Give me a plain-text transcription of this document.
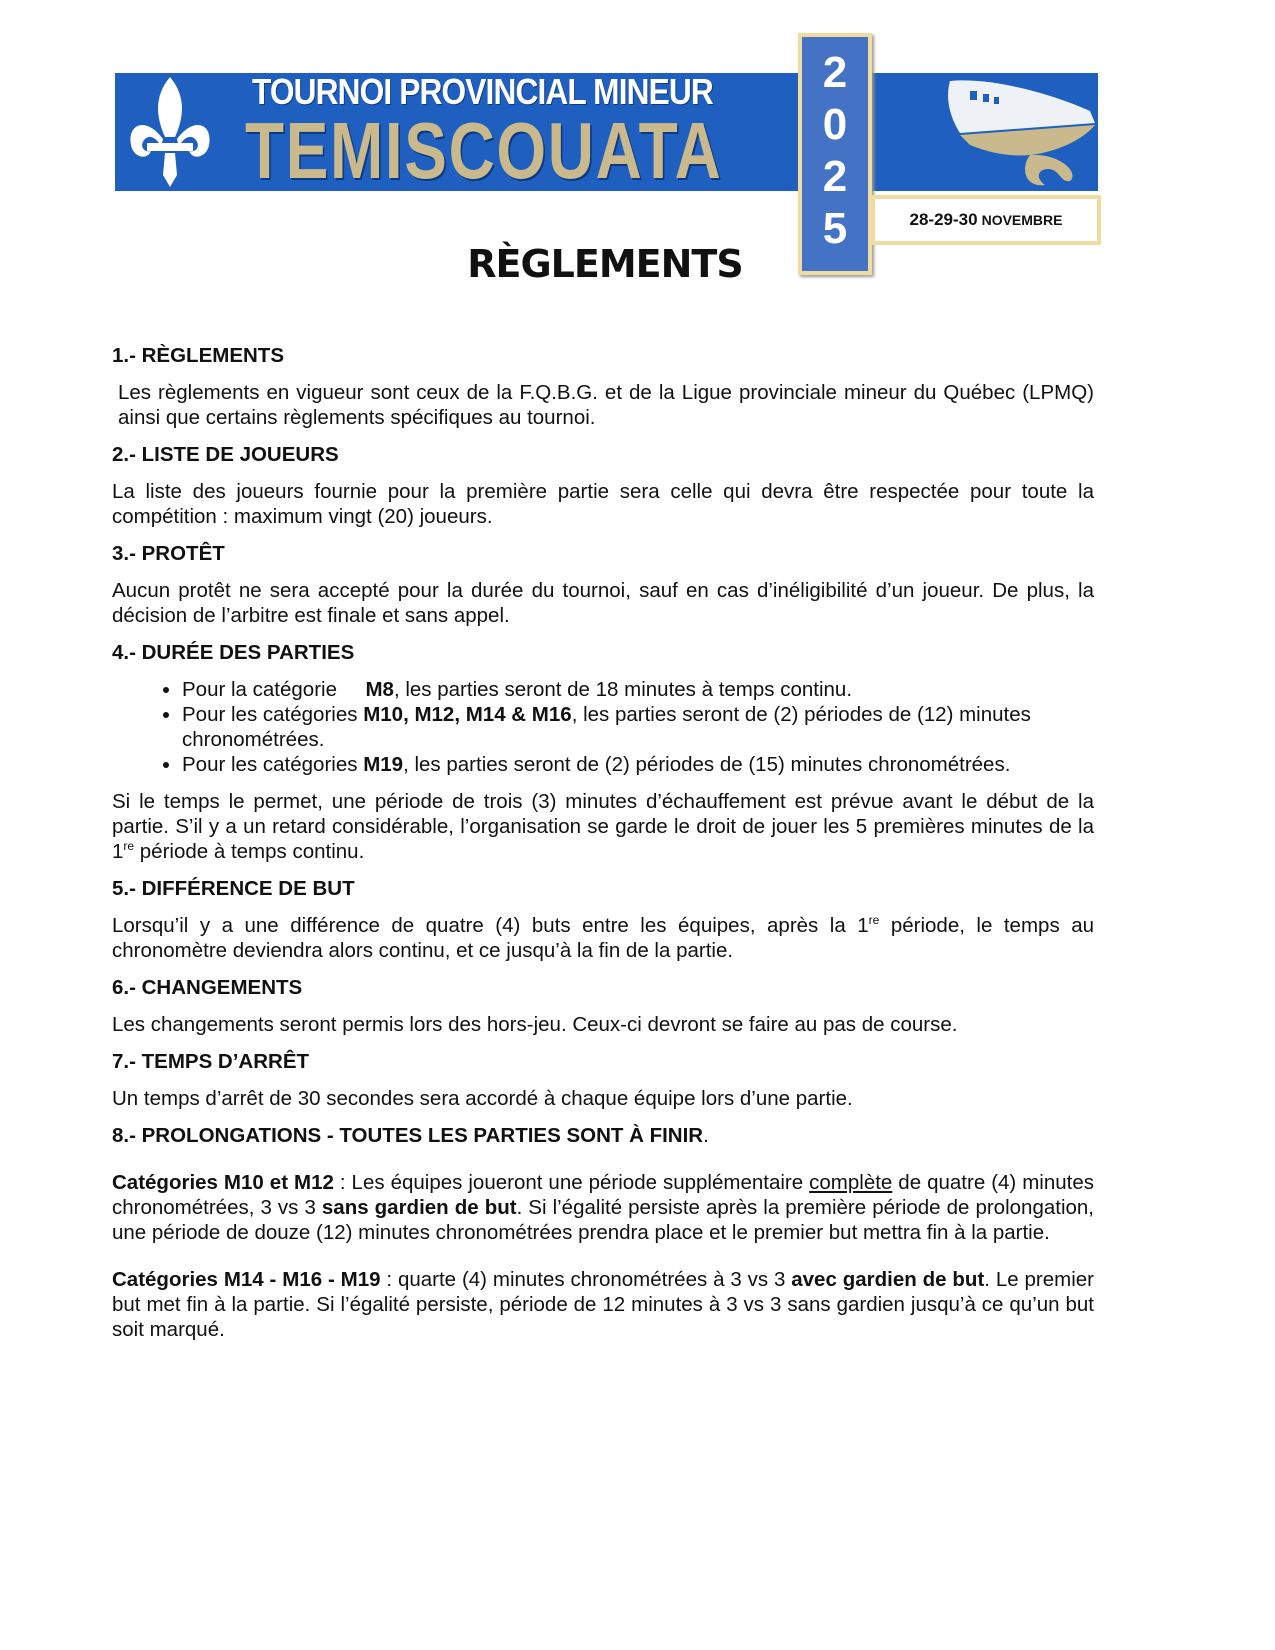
TOURNOI PROVINCIAL MINEUR
TEMISCOUATA
2
0
2
5	28-29-30 NOVEMBRE
RÈGLEMENTS
1.- RÈGLEMENTS
Les règlements en vigueur sont ceux de la F.Q.B.G. et de la Ligue provinciale mineur du Québec (LPMQ) ainsi que certains règlements spécifiques au tournoi.
2.- LISTE DE JOUEURS
La liste des joueurs fournie pour la première partie sera celle qui devra être respectée pour toute la compétition : maximum vingt (20) joueurs.
3.- PROTÊT
Aucun protêt ne sera accepté pour la durée du tournoi, sauf en cas d’inéligibilité d’un joueur. De plus, la décision de l’arbitre est finale et sans appel.
4.- DURÉE DES PARTIES
• Pour la catégorie     M8, les parties seront de 18 minutes à temps continu.
• Pour les catégories M10, M12, M14 & M16, les parties seront de (2) périodes de (12) minutes chronométrées.
• Pour les catégories M19, les parties seront de (2) périodes de (15) minutes chronométrées.
Si le temps le permet, une période de trois (3) minutes d’échauffement est prévue avant le début de la partie. S’il y a un retard considérable, l’organisation se garde le droit de jouer les 5 premières minutes de la 1re période à temps continu.
5.- DIFFÉRENCE DE BUT
Lorsqu’il y a une différence de quatre (4) buts entre les équipes, après la 1re période, le temps au chronomètre deviendra alors continu, et ce jusqu’à la fin de la partie.
6.- CHANGEMENTS
Les changements seront permis lors des hors-jeu. Ceux-ci devront se faire au pas de course.
7.- TEMPS D’ARRÊT
Un temps d’arrêt de 30 secondes sera accordé à chaque équipe lors d’une partie.
8.- PROLONGATIONS - TOUTES LES PARTIES SONT À FINIR.
Catégories M10 et M12 : Les équipes joueront une période supplémentaire complète de quatre (4) minutes chronométrées, 3 vs 3 sans gardien de but. Si l’égalité persiste après la première période de prolongation, une période de douze (12) minutes chronométrées prendra place et le premier but mettra fin à la partie.
Catégories M14 - M16 - M19 : quarte (4) minutes chronométrées à 3 vs 3 avec gardien de but. Le premier but met fin à la partie. Si l’égalité persiste, période de 12 minutes à 3 vs 3 sans gardien jusqu’à ce qu’un but soit marqué.
